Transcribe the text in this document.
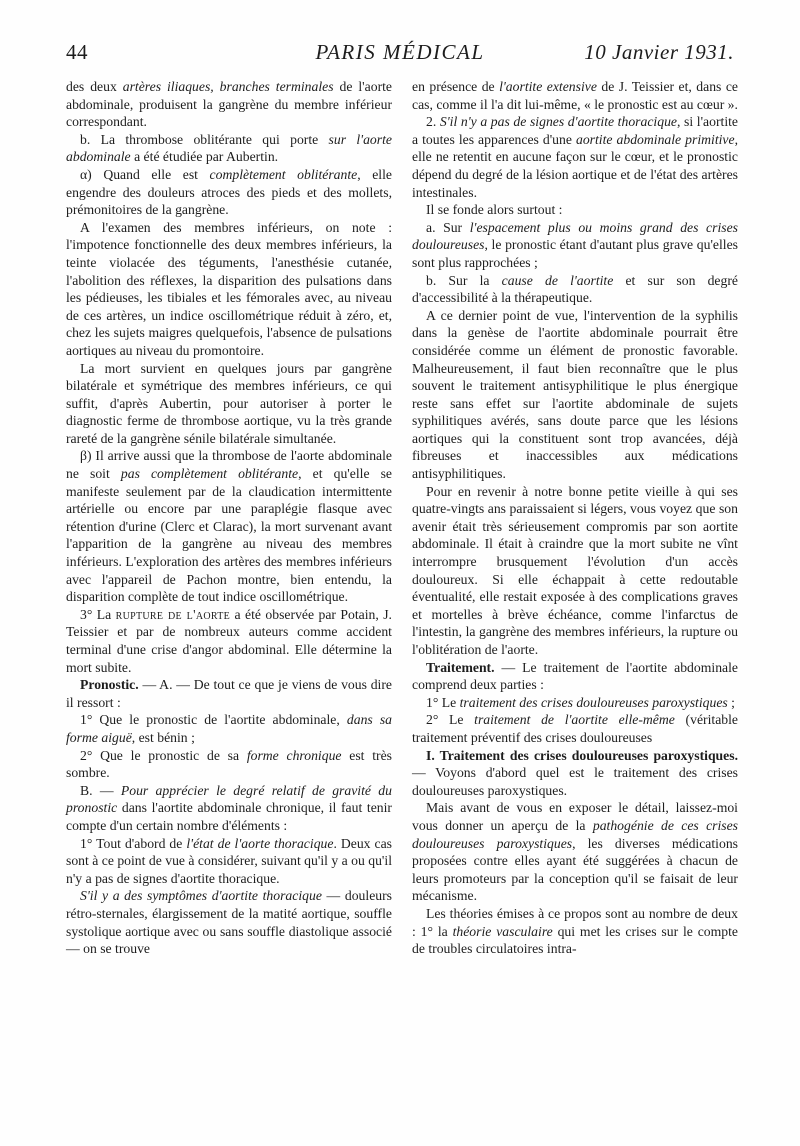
44	PARIS MÉDICAL	10 Janvier 1931.

des deux artères iliaques, branches terminales de l'aorte abdominale, produisent la gangrène du membre inférieur correspondant.

b. La thrombose oblitérante qui porte sur l'aorte abdominale a été étudiée par Aubertin.

α) Quand elle est complètement oblitérante, elle engendre des douleurs atroces des pieds et des mollets, prémonitoires de la gangrène.

A l'examen des membres inférieurs, on note : l'impotence fonctionnelle des deux membres inférieurs, la teinte violacée des téguments, l'anesthésie cutanée, l'abolition des réflexes, la disparition des pulsations dans les pédieuses, les tibiales et les fémorales avec, au niveau de ces artères, un indice oscillométrique réduit à zéro, et, chez les sujets maigres quelquefois, l'absence de pulsations aortiques au niveau du promontoire.

La mort survient en quelques jours par gangrène bilatérale et symétrique des membres inférieurs, ce qui suffit, d'après Aubertin, pour autoriser à porter le diagnostic ferme de thrombose aortique, vu la très grande rareté de la gangrène sénile bilatérale simultanée.

β) Il arrive aussi que la thrombose de l'aorte abdominale ne soit pas complètement oblitérante, et qu'elle se manifeste seulement par de la claudication intermittente artérielle ou encore par une paraplégie flasque avec rétention d'urine (Clerc et Clarac), la mort survenant avant l'apparition de la gangrène au niveau des membres inférieurs. L'exploration des artères des membres inférieurs avec l'appareil de Pachon montre, bien entendu, la disparition complète de tout indice oscillométrique.

3° La rupture de l'aorte a été observée par Potain, J. Teissier et par de nombreux auteurs comme accident terminal d'une crise d'angor abdominal. Elle détermine la mort subite.

Pronostic. — A. — De tout ce que je viens de vous dire il ressort :

1° Que le pronostic de l'aortite abdominale, dans sa forme aiguë, est bénin ;

2° Que le pronostic de sa forme chronique est très sombre.

B. — Pour apprécier le degré relatif de gravité du pronostic dans l'aortite abdominale chronique, il faut tenir compte d'un certain nombre d'éléments :

1° Tout d'abord de l'état de l'aorte thoracique. Deux cas sont à ce point de vue à considérer, suivant qu'il y a ou qu'il n'y a pas de signes d'aortite thoracique.

S'il y a des symptômes d'aortite thoracique — douleurs rétro-sternales, élargissement de la matité aortique, souffle systolique aortique avec ou sans souffle diastolique associé — on se trouve

en présence de l'aortite extensive de J. Teissier et, dans ce cas, comme il l'a dit lui-même, « le pronostic est au cœur ».

2. S'il n'y a pas de signes d'aortite thoracique, si l'aortite a toutes les apparences d'une aortite abdominale primitive, elle ne retentit en aucune façon sur le cœur, et le pronostic dépend du degré de la lésion aortique et de l'état des artères intestinales.

Il se fonde alors surtout :

a. Sur l'espacement plus ou moins grand des crises douloureuses, le pronostic étant d'autant plus grave qu'elles sont plus rapprochées ;

b. Sur la cause de l'aortite et sur son degré d'accessibilité à la thérapeutique.

A ce dernier point de vue, l'intervention de la syphilis dans la genèse de l'aortite abdominale pourrait être considérée comme un élément de pronostic favorable. Malheureusement, il faut bien reconnaître que le plus souvent le traitement antisyphilitique le plus énergique reste sans effet sur l'aortite abdominale de sujets syphilitiques avérés, sans doute parce que les lésions aortiques qui la constituent sont trop avancées, déjà fibreuses et inaccessibles aux médications antisyphilitiques.

Pour en revenir à notre bonne petite vieille à qui ses quatre-vingts ans paraissaient si légers, vous voyez que son avenir était très sérieusement compromis par son aortite abdominale. Il était à craindre que la mort subite ne vînt interrompre brusquement l'évolution d'un accès douloureux. Si elle échappait à cette redoutable éventualité, elle restait exposée à des complications graves et mortelles à brève échéance, comme l'infarctus de l'intestin, la gangrène des membres inférieurs, la rupture ou l'oblitération de l'aorte.

Traitement. — Le traitement de l'aortite abdominale comprend deux parties :

1° Le traitement des crises douloureuses paroxystiques ;

2° Le traitement de l'aortite elle-même (véritable traitement préventif des crises douloureuses

I. Traitement des crises douloureuses paroxystiques. — Voyons d'abord quel est le traitement des crises douloureuses paroxystiques.

Mais avant de vous en exposer le détail, laissez-moi vous donner un aperçu de la pathogénie de ces crises douloureuses paroxystiques, les diverses médications proposées contre elles ayant été suggérées à chacun de leurs promoteurs par la conception qu'il se faisait de leur mécanisme.

Les théories émises à ce propos sont au nombre de deux : 1° la théorie vasculaire qui met les crises sur le compte de troubles circulatoires intra-
